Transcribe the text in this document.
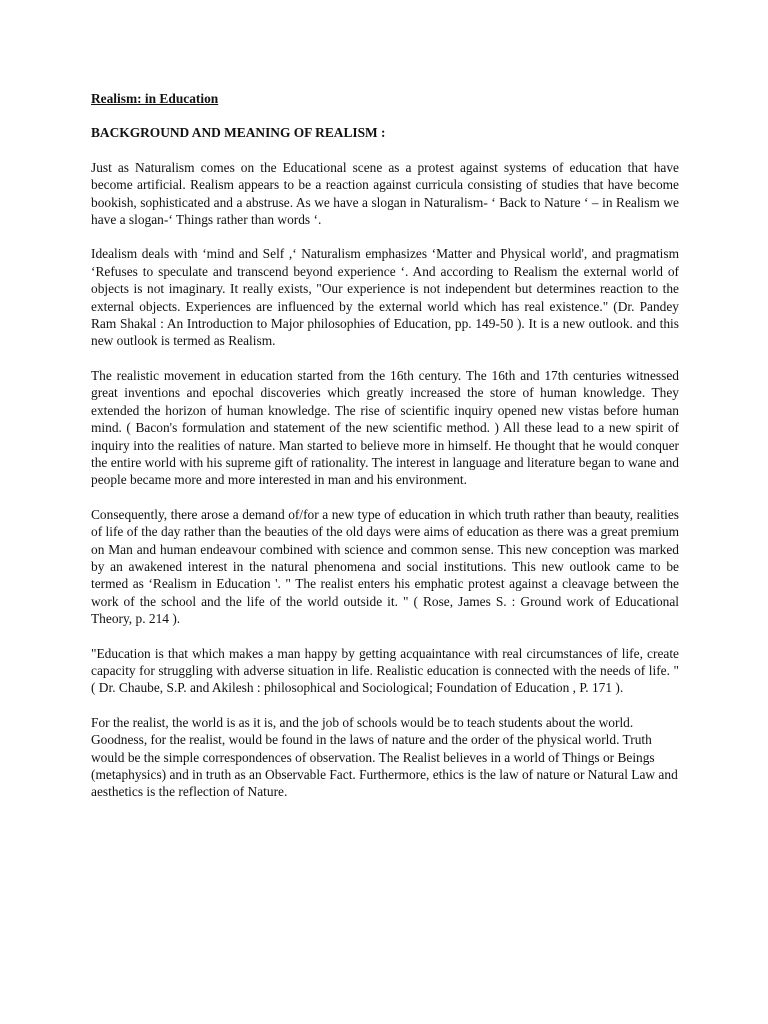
Realism: in Education
BACKGROUND AND MEANING OF REALISM :

Just as Naturalism comes on the Educational scene as a protest against systems of education that have become artificial. Realism appears to be a reaction against curricula consisting of studies that have become bookish, sophisticated and a abstruse. As we have a slogan in Naturalism- ‘ Back to Nature ‘ – in Realism we have a slogan-‘ Things rather than words ‘.

Idealism deals with ‘mind and Self ,‘ Naturalism emphasizes ‘Matter and Physical world', and pragmatism ‘Refuses to speculate and transcend beyond experience ‘. And according to Realism the external world of objects is not imaginary. It really exists, "Our experience is not independent but determines reaction to the external objects. Experiences are influenced by the external world which has real existence." (Dr. Pandey Ram Shakal : An Introduction to Major philosophies of Education, pp. 149-50 ). It is a new outlook. and this new outlook is termed as Realism.

The realistic movement in education started from the 16th century. The 16th and 17th centuries witnessed great inventions and epochal discoveries which greatly increased the store of human knowledge. They extended the horizon of human knowledge. The rise of scientific inquiry opened new vistas before human mind. ( Bacon's formulation and statement of the new scientific method. ) All these lead to a new spirit of inquiry into the realities of nature. Man started to believe more in himself. He thought that he would conquer the entire world with his supreme gift of rationality. The interest in language and literature began to wane and people became more and more interested in man and his environment.

Consequently, there arose a demand of/for a new type of education in which truth rather than beauty, realities of life of the day rather than the beauties of the old days were aims of education as there was a great premium on Man and human endeavour combined with science and common sense. This new conception was marked by an awakened interest in the natural phenomena and social institutions. This new outlook came to be termed as ‘Realism in Education '. " The realist enters his emphatic protest against a cleavage between the work of the school and the life of the world outside it. " ( Rose, James S. : Ground work of Educational Theory, p. 214 ).

"Education is that which makes a man happy by getting acquaintance with real circumstances of life, create capacity for struggling with adverse situation in life. Realistic education is connected with the needs of life. " ( Dr. Chaube, S.P. and Akilesh : philosophical and Sociological; Foundation of Education , P. 171 ).

For the realist, the world is as it is, and the job of schools would be to teach students about the world. Goodness, for the realist, would be found in the laws of nature and the order of the physical world. Truth would be the simple correspondences of observation. The Realist believes in a world of Things or Beings (metaphysics) and in truth as an Observable Fact. Furthermore, ethics is the law of nature or Natural Law and aesthetics is the reflection of Nature.
